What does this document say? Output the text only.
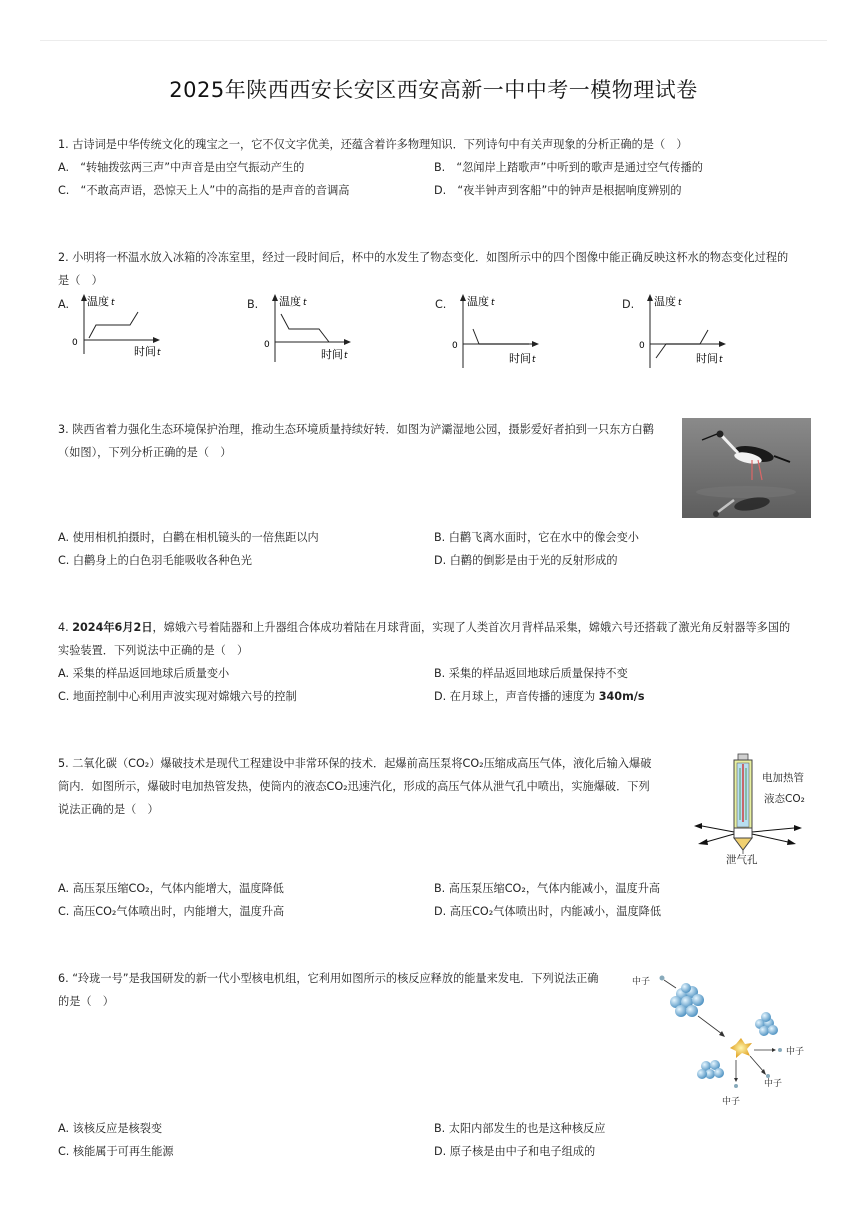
2025年陕西西安长安区西安高新一中中考一模物理试卷
1. 古诗词是中华传统文化的瑰宝之一，它不仅文字优美，还蕴含着许多物理知识．下列诗句中有关声现象的分析正确的是（　）
A.　“转轴拨弦两三声”中声音是由空气振动产生的	B.　“忽闻岸上踏歌声”中听到的歌声是通过空气传播的
C.　“不敢高声语，恐惊天上人”中的高指的是声音的音调高	D.　“夜半钟声到客船”中的钟声是根据响度辨别的
2. 小明将一杯温水放入冰箱的冷冻室里，经过一段时间后，杯中的水发生了物态变化．如图所示中的四个图像中能正确反映这杯水的物态变化过程的
是（　）
A.
0
温度 t
时间 t
B.
0
温度 t
时间 t
C.
0
温度 t
时间 t
D.
0
温度 t
时间 t
3. 陕西省着力强化生态环境保护治理，推动生态环境质量持续好转．如图为浐灞湿地公园，摄影爱好者拍到一只东方白鹳
（如图），下列分析正确的是（　）
A. 使用相机拍摄时，白鹳在相机镜头的一倍焦距以内	B. 白鹳飞离水面时，它在水中的像会变小
C. 白鹳身上的白色羽毛能吸收各种色光	D. 白鹳的倒影是由于光的反射形成的
4. 2024年6月2日，嫦娥六号着陆器和上升器组合体成功着陆在月球背面，实现了人类首次月背样品采集，嫦娥六号还搭载了激光角反射器等多国的
实验装置．下列说法中正确的是（　）
A. 采集的样品返回地球后质量变小	B. 采集的样品返回地球后质量保持不变
C. 地面控制中心利用声波实现对嫦娥六号的控制	D. 在月球上，声音传播的速度为 340m/s
5. 二氧化碳（CO₂）爆破技术是现代工程建设中非常环保的技术．起爆前高压泵将CO₂压缩成高压气体，液化后输入爆破
筒内．如图所示，爆破时电加热管发热，使筒内的液态CO₂迅速汽化，形成的高压气体从泄气孔中喷出，实施爆破．下列
说法正确的是（　）
电加热管
液态CO₂
泄气孔
A. 高压泵压缩CO₂，气体内能增大，温度降低	B. 高压泵压缩CO₂，气体内能减小，温度升高
C. 高压CO₂气体喷出时，内能增大，温度升高	D. 高压CO₂气体喷出时，内能减小，温度降低
6. “玲珑一号”是我国研发的新一代小型核电机组，它利用如图所示的核反应释放的能量来发电．下列说法正确
的是（　）
中子
中子
中子
中子
A. 该核反应是核裂变	B. 太阳内部发生的也是这种核反应
C. 核能属于可再生能源	D. 原子核是由中子和电子组成的
